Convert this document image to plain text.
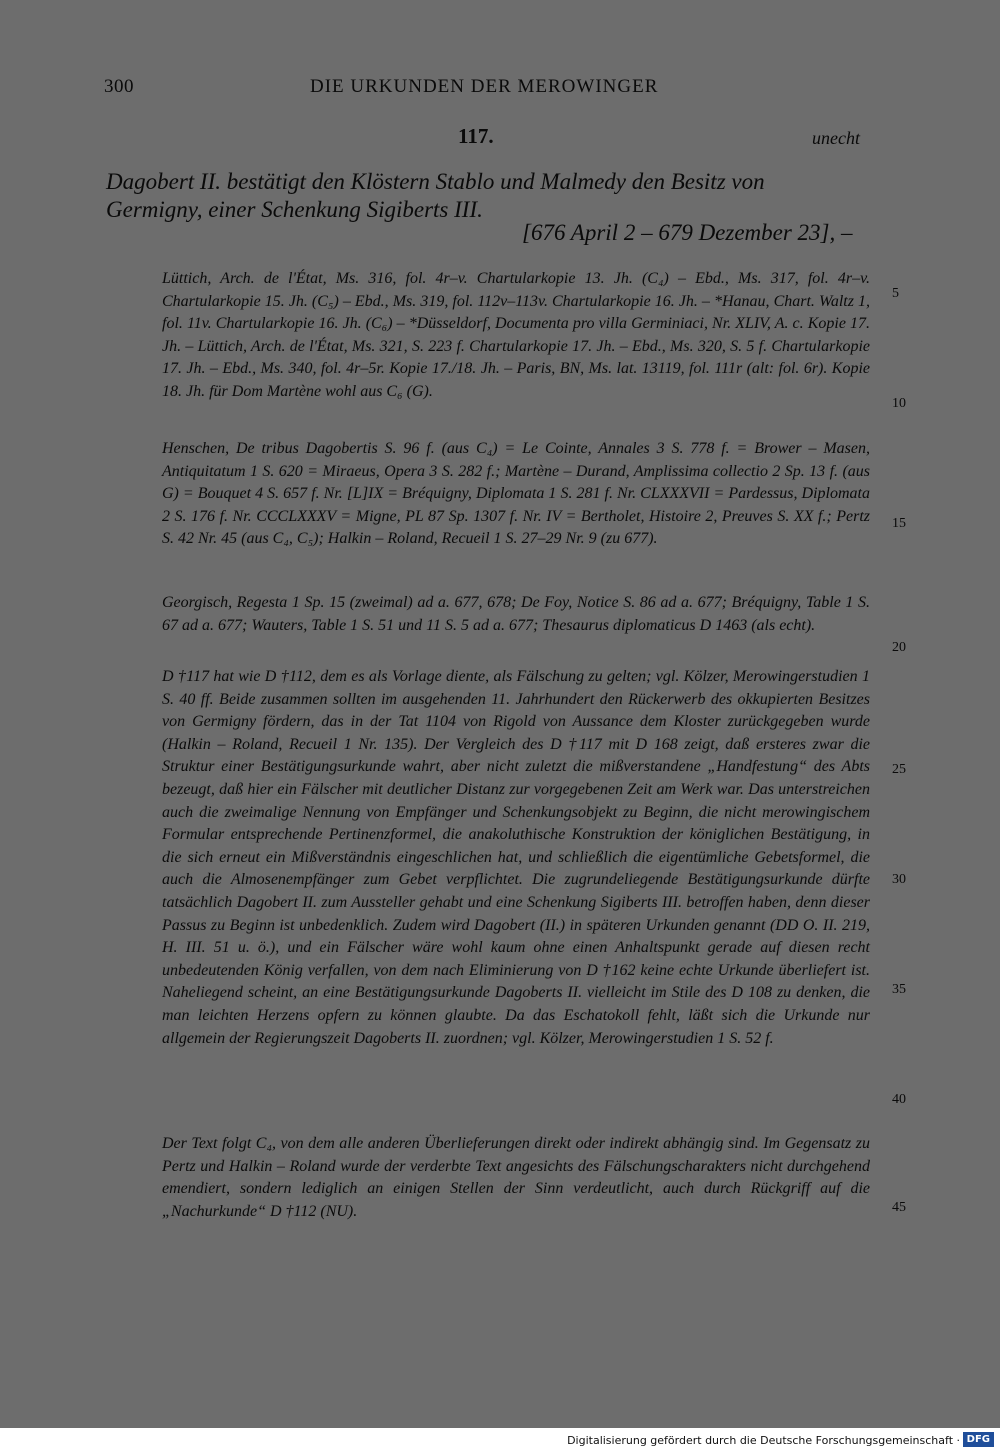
300	DIE URKUNDEN DER MEROWINGER
117.	unecht

Dagobert II. bestätigt den Klöstern Stablo und Malmedy den Besitz von Germigny, einer Schenkung Sigiberts III.

[676 April 2 – 679 Dezember 23], –

Lüttich, Arch. de l'État, Ms. 316, fol. 4r–v. Chartularkopie 13. Jh. (C₄) – Ebd., Ms. 317, fol. 4r–v. Chartularkopie 15. Jh. (C₅) – Ebd., Ms. 319, fol. 112v–113v. Chartularkopie 16. Jh. – *Hanau, Chart. Waltz 1, fol. 11v. Chartularkopie 16. Jh. (C₆) – *Düsseldorf, Documenta pro villa Germiniaci, Nr. XLIV, A. c. Kopie 17. Jh. – Lüttich, Arch. de l'État, Ms. 321, S. 223 f. Chartularkopie 17. Jh. – Ebd., Ms. 320, S. 5 f. Chartularkopie 17. Jh. – Ebd., Ms. 340, fol. 4r–5r. Kopie 17./18. Jh. – Paris, BN, Ms. lat. 13119, fol. 111r (alt: fol. 6r). Kopie 18. Jh. für Dom Martène wohl aus C₆ (G).

Henschen, De tribus Dagobertis S. 96 f. (aus C₄) = Le Cointe, Annales 3 S. 778 f. = Brower – Masen, Antiquitatum 1 S. 620 = Miraeus, Opera 3 S. 282 f.; Martène – Durand, Amplissima collectio 2 Sp. 13 f. (aus G) = Bouquet 4 S. 657 f. Nr. [L]IX = Bréquigny, Diplomata 1 S. 281 f. Nr. CLXXXVII = Pardessus, Diplomata 2 S. 176 f. Nr. CCCLXXXV = Migne, PL 87 Sp. 1307 f. Nr. IV = Bertholet, Histoire 2, Preuves S. XX f.; Pertz S. 42 Nr. 45 (aus C₄, C₅); Halkin – Roland, Recueil 1 S. 27–29 Nr. 9 (zu 677).

Georgisch, Regesta 1 Sp. 15 (zweimal) ad a. 677, 678; De Foy, Notice S. 86 ad a. 677; Bréquigny, Table 1 S. 67 ad a. 677; Wauters, Table 1 S. 51 und 11 S. 5 ad a. 677; Thesaurus diplomaticus D 1463 (als echt).

D †117 hat wie D †112, dem es als Vorlage diente, als Fälschung zu gelten; vgl. Kölzer, Merowingerstudien 1 S. 40 ff. Beide zusammen sollten im ausgehenden 11. Jahrhundert den Rückerwerb des okkupierten Besitzes von Germigny fördern, das in der Tat 1104 von Rigold von Aussance dem Kloster zurückgegeben wurde (Halkin – Roland, Recueil 1 Nr. 135). Der Vergleich des D †117 mit D 168 zeigt, daß ersteres zwar die Struktur einer Bestätigungsurkunde wahrt, aber nicht zuletzt die mißverstandene „Handfestung“ des Abts bezeugt, daß hier ein Fälscher mit deutlicher Distanz zur vorgegebenen Zeit am Werk war. Das unterstreichen auch die zweimalige Nennung von Empfänger und Schenkungsobjekt zu Beginn, die nicht merowingischem Formular entsprechende Pertinenzformel, die anakoluthische Konstruktion der königlichen Bestätigung, in die sich erneut ein Mißverständnis eingeschlichen hat, und schließlich die eigentümliche Gebetsformel, die auch die Almosenempfänger zum Gebet verpflichtet. Die zugrundeliegende Bestätigungsurkunde dürfte tatsächlich Dagobert II. zum Aussteller gehabt und eine Schenkung Sigiberts III. betroffen haben, denn dieser Passus zu Beginn ist unbedenklich. Zudem wird Dagobert (II.) in späteren Urkunden genannt (DD O. II. 219, H. III. 51 u. ö.), und ein Fälscher wäre wohl kaum ohne einen Anhaltspunkt gerade auf diesen recht unbedeutenden König verfallen, von dem nach Eliminierung von D †162 keine echte Urkunde überliefert ist. Naheliegend scheint, an eine Bestätigungsurkunde Dagoberts II. vielleicht im Stile des D 108 zu denken, die man leichten Herzens opfern zu können glaubte. Da das Eschatokoll fehlt, läßt sich die Urkunde nur allgemein der Regierungszeit Dagoberts II. zuordnen; vgl. Kölzer, Merowingerstudien 1 S. 52 f.

Der Text folgt C₄, von dem alle anderen Überlieferungen direkt oder indirekt abhängig sind. Im Gegensatz zu Pertz und Halkin – Roland wurde der verderbte Text angesichts des Fälschungscharakters nicht durchgehend emendiert, sondern lediglich an einigen Stellen der Sinn verdeutlicht, auch durch Rückgriff auf die „Nachurkunde“ D †112 (NU).

5
10
15
20
25
30
35
40
45
Digitalisierung gefördert durch die Deutsche Forschungsgemeinschaft · DFG
